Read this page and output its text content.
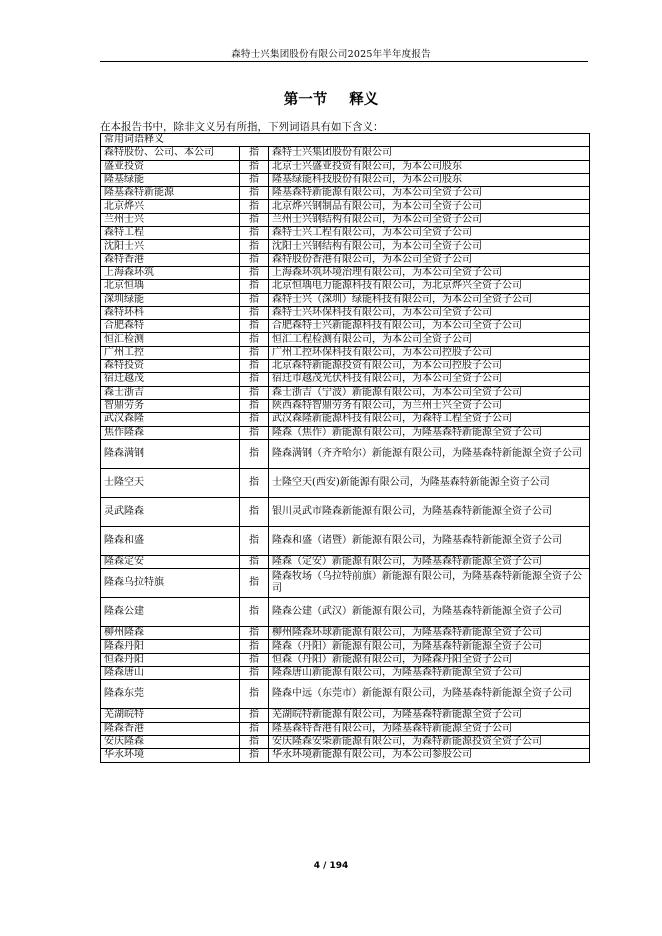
森特士兴集团股份有限公司2025年半年度报告
第一节 释义
在本报告书中，除非文义另有所指，下列词语具有如下含义：
常用词语释义		
森特股份、公司、本公司	指	森特士兴集团股份有限公司
盛亚投资	指	北京士兴盛亚投资有限公司，为本公司股东
隆基绿能	指	隆基绿能科技股份有限公司，为本公司股东
隆基森特新能源	指	隆基森特新能源有限公司，为本公司全资子公司
北京烨兴	指	北京烨兴钢制品有限公司，为本公司全资子公司
兰州士兴	指	兰州士兴钢结构有限公司，为本公司全资子公司
森特工程	指	森特士兴工程有限公司，为本公司全资子公司
沈阳士兴	指	沈阳士兴钢结构有限公司，为本公司全资子公司
森特香港	指	森特股份香港有限公司，为本公司全资子公司
上海森环筑	指	上海森环筑环境治理有限公司，为本公司全资子公司
北京恒瑀	指	北京恒瑀电力能源科技有限公司，为北京烨兴全资子公司
深圳绿能	指	森特士兴（深圳）绿能科技有限公司，为本公司全资子公司
森特环科	指	森特士兴环保科技有限公司，为本公司全资子公司
合肥森特	指	合肥森特士兴新能源科技有限公司，为本公司全资子公司
恒汇检测	指	恒汇工程检测有限公司，为本公司全资子公司
广州工控	指	广州工控环保科技有限公司，为本公司控股子公司
森特投资	指	北京森特新能源投资有限公司，为本公司控股子公司
宿迁越茂	指	宿迁市越茂光伏科技有限公司，为本公司全资子公司
森士浙吉	指	森士浙吉（宁波）新能源有限公司，为本公司全资子公司
智鼎劳务	指	陕西森特智鼎劳务有限公司，为兰州士兴全资子公司
武汉森隆	指	武汉森隆新能源科技有限公司，为森特工程全资子公司
焦作隆森	指	隆森（焦作）新能源有限公司，为隆基森特新能源全资子公司
隆森满钢	指	隆森满钢（齐齐哈尔）新能源有限公司，为隆基森特新能源全资子公司
士隆空天	指	士隆空天(西安)新能源有限公司，为隆基森特新能源全资子公司
灵武隆森	指	银川灵武市隆森新能源有限公司，为隆基森特新能源全资子公司
隆森和盛	指	隆森和盛（诸暨）新能源有限公司，为隆基森特新能源全资子公司
隆森定安	指	隆森（定安）新能源有限公司，为隆基森特新能源全资子公司
隆森乌拉特旗	指	隆森牧场（乌拉特前旗）新能源有限公司，为隆基森特新能源全资子公司
隆森公建	指	隆森公建（武汉）新能源有限公司，为隆基森特新能源全资子公司
柳州隆森	指	柳州隆森环球新能源有限公司，为隆基森特新能源全资子公司
隆森丹阳	指	隆森（丹阳）新能源有限公司，为隆基森特新能源全资子公司
恒森丹阳	指	恒森（丹阳）新能源有限公司，为隆森丹阳全资子公司
隆森唐山	指	隆森唐山新能源有限公司，为隆基森特新能源全资子公司
隆森东莞	指	隆森中远（东莞市）新能源有限公司，为隆基森特新能源全资子公司
芜湖皖特	指	芜湖皖特新能源有限公司，为隆基森特新能源全资子公司
隆森香港	指	隆基森特香港有限公司，为隆基森特新能源全资子公司
安庆隆森	指	安庆隆森安柴新能源有限公司，为森特新能源投资全资子公司
华永环境	指	华永环境新能源有限公司，为本公司参股公司
4 / 194
